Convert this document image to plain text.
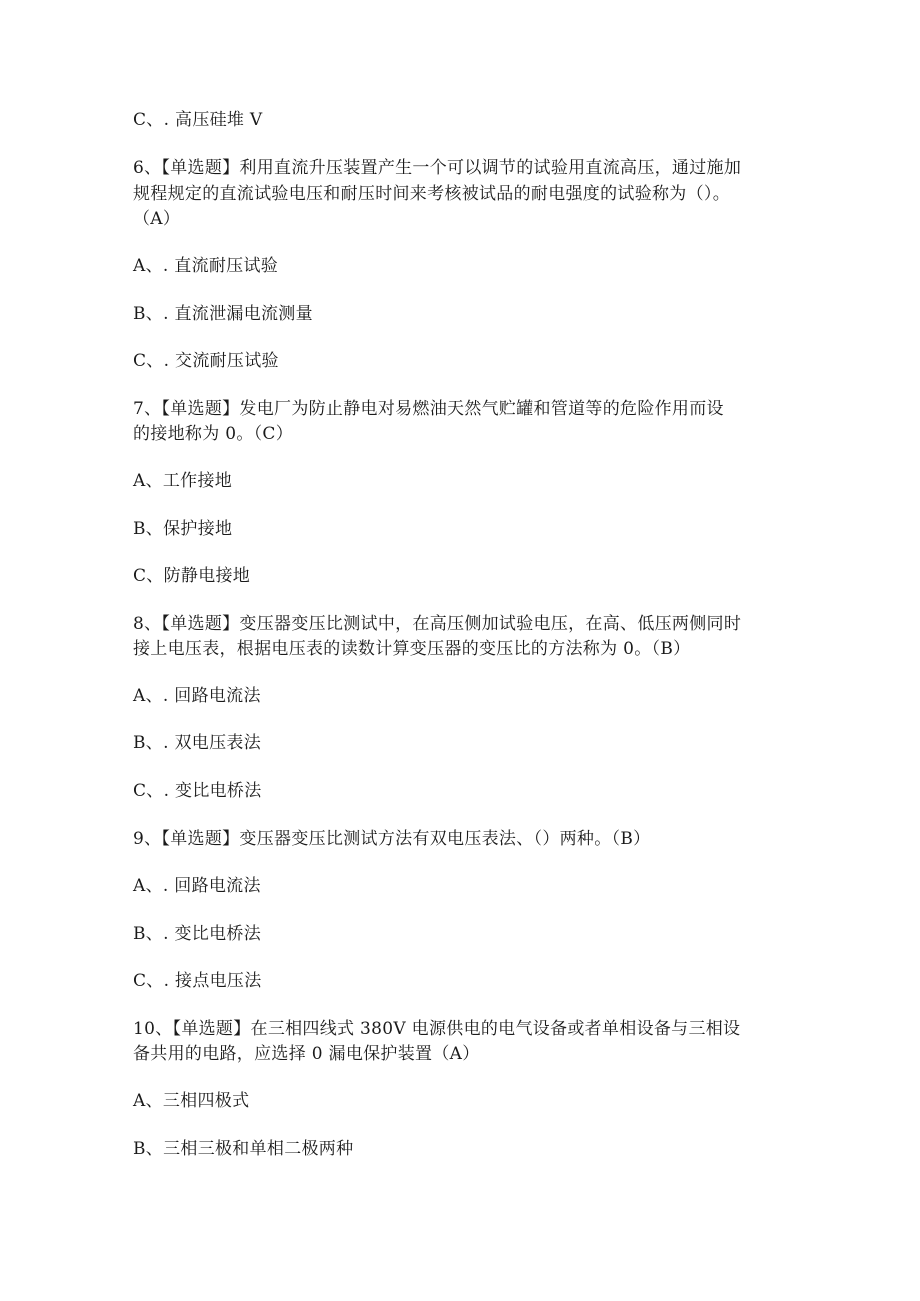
C、. 高压硅堆 V
6、【单选题】利用直流升压装置产生一个可以调节的试验用直流高压，通过施加
规程规定的直流试验电压和耐压时间来考核被试品的耐电强度的试验称为（）。
（A）
A、. 直流耐压试验
B、. 直流泄漏电流测量
C、. 交流耐压试验
7、【单选题】发电厂为防止静电对易燃油天然气贮罐和管道等的危险作用而设
的接地称为 0。（C）
A、工作接地
B、保护接地
C、防静电接地
8、【单选题】变压器变压比测试中，在高压侧加试验电压，在高、低压两侧同时
接上电压表，根据电压表的读数计算变压器的变压比的方法称为 0。（B）
A、. 回路电流法
B、. 双电压表法
C、. 变比电桥法
9、【单选题】变压器变压比测试方法有双电压表法、（）两种。（B）
A、. 回路电流法
B、. 变比电桥法
C、. 接点电压法
10、【单选题】在三相四线式 380V 电源供电的电气设备或者单相设备与三相设
备共用的电路，应选择 0 漏电保护装置（A）
A、三相四极式
B、三相三极和单相二极两种
